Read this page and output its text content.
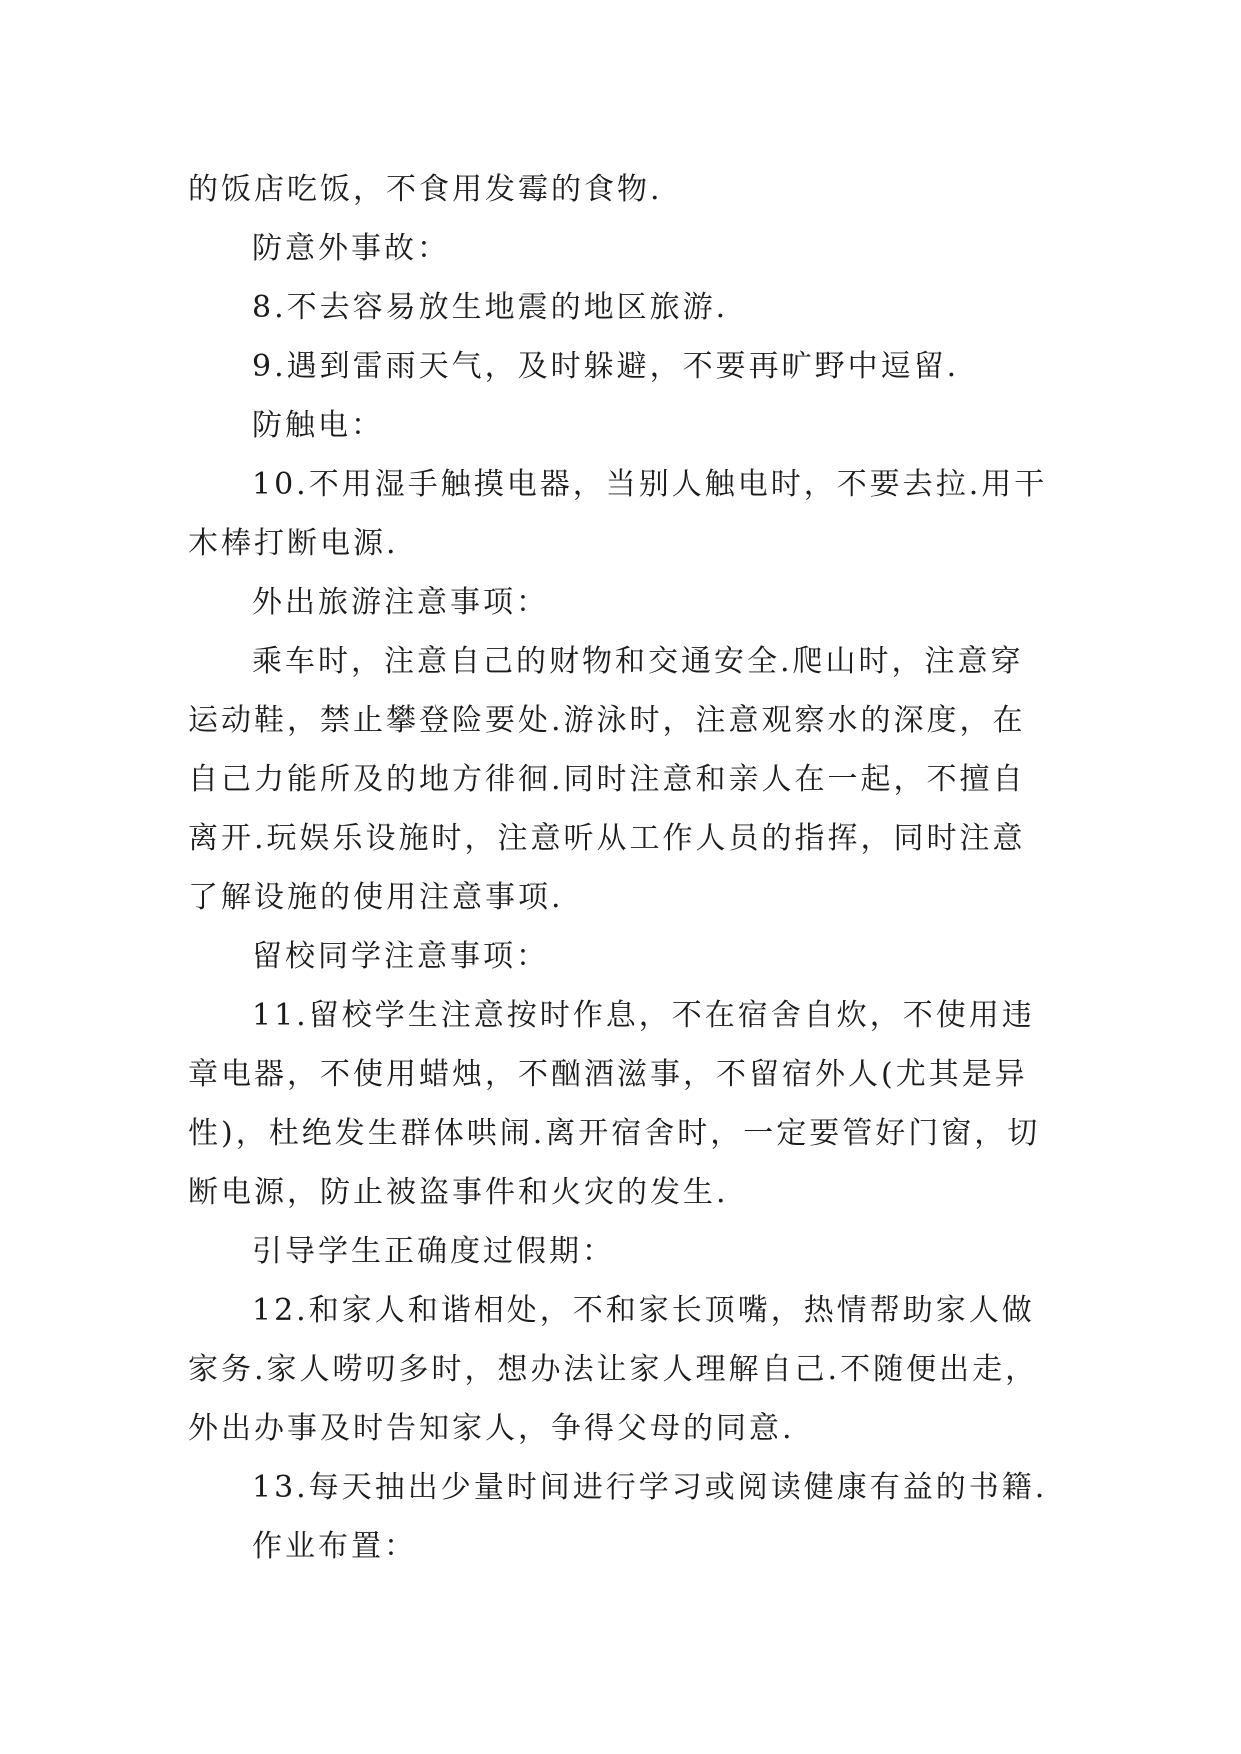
的饭店吃饭，不食用发霉的食物.
防意外事故：
8.不去容易放生地震的地区旅游.
9.遇到雷雨天气，及时躲避，不要再旷野中逗留.
防触电：
10.不用湿手触摸电器，当别人触电时，不要去拉.用干
木棒打断电源.
外出旅游注意事项：
乘车时，注意自己的财物和交通安全.爬山时，注意穿
运动鞋，禁止攀登险要处.游泳时，注意观察水的深度，在
自己力能所及的地方徘徊.同时注意和亲人在一起，不擅自
离开.玩娱乐设施时，注意听从工作人员的指挥，同时注意
了解设施的使用注意事项.
留校同学注意事项：
11.留校学生注意按时作息，不在宿舍自炊，不使用违
章电器，不使用蜡烛，不酗酒滋事，不留宿外人(尤其是异
性)，杜绝发生群体哄闹.离开宿舍时，一定要管好门窗，切
断电源，防止被盗事件和火灾的发生.
引导学生正确度过假期：
12.和家人和谐相处，不和家长顶嘴，热情帮助家人做
家务.家人唠叨多时，想办法让家人理解自己.不随便出走，
外出办事及时告知家人，争得父母的同意.
13.每天抽出少量时间进行学习或阅读健康有益的书籍.
作业布置：
